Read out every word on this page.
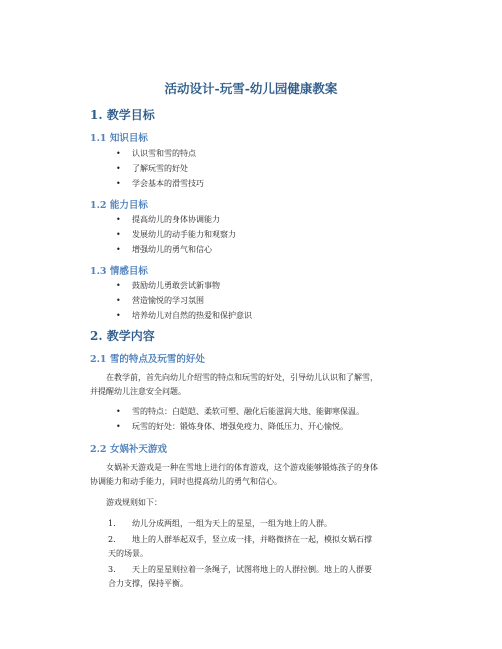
活动设计-玩雪-幼儿园健康教案
1. 教学目标
1.1 知识目标
• 认识雪和雪的特点
• 了解玩雪的好处
• 学会基本的滑雪技巧
1.2 能力目标
• 提高幼儿的身体协调能力
• 发展幼儿的动手能力和观察力
• 增强幼儿的勇气和信心
1.3 情感目标
• 鼓励幼儿勇敢尝试新事物
• 营造愉悦的学习氛围
• 培养幼儿对自然的热爱和保护意识
2. 教学内容
2.1 雪的特点及玩雪的好处
在教学前，首先向幼儿介绍雪的特点和玩雪的好处，引导幼儿认识和了解雪，
并提醒幼儿注意安全问题。
• 雪的特点：白皑皑、柔软可塑、融化后能滋润大地、能御寒保温。
• 玩雪的好处：锻炼身体、增强免疫力、降低压力、开心愉悦。
2.2 女娲补天游戏
女娲补天游戏是一种在雪地上进行的体育游戏，这个游戏能够锻炼孩子的身体
协调能力和动手能力，同时也提高幼儿的勇气和信心。
游戏规则如下：
1. 幼儿分成两组，一组为天上的星星，一组为地上的人群。
2. 地上的人群举起双手，竖立成一排，并略微挤在一起，模拟女娲石撑
天的场景。
3. 天上的星星则拉着一条绳子，试图将地上的人群拉倒。地上的人群要
合力支撑，保持平衡。
